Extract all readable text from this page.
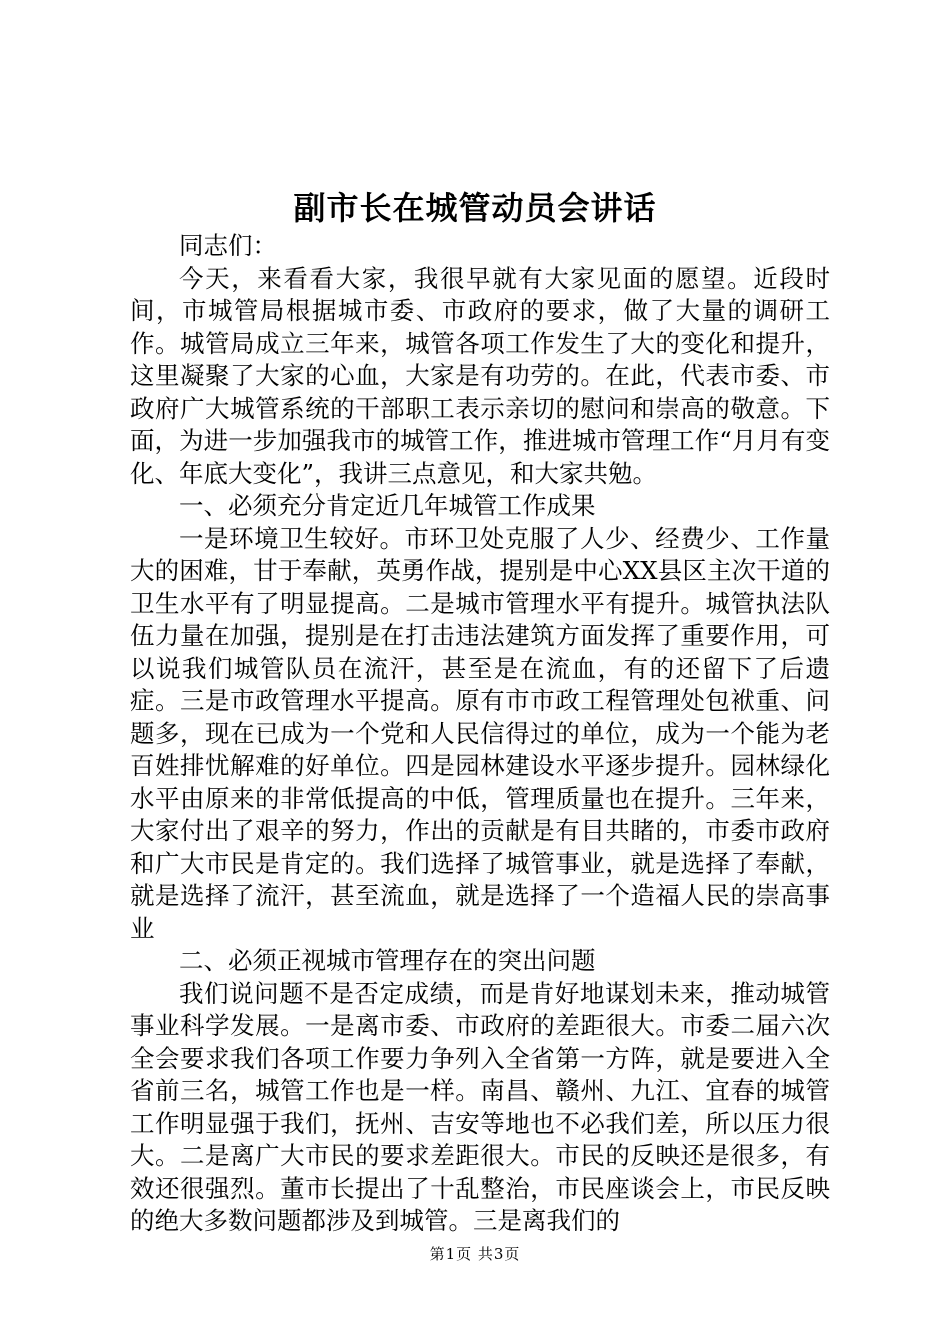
副市长在城管动员会讲话

同志们：

今天，来看看大家，我很早就有大家见面的愿望。近段时间，市城管局根据城市委、市政府的要求，做了大量的调研工作。城管局成立三年来，城管各项工作发生了大的变化和提升，这里凝聚了大家的心血，大家是有功劳的。在此，代表市委、市政府广大城管系统的干部职工表示亲切的慰问和崇高的敬意。下面，为进一步加强我市的城管工作，推进城市管理工作“月月有变化、年底大变化”，我讲三点意见，和大家共勉。

一、必须充分肯定近几年城管工作成果

一是环境卫生较好。市环卫处克服了人少、经费少、工作量大的困难，甘于奉献，英勇作战，提别是中心XX县区主次干道的卫生水平有了明显提高。二是城市管理水平有提升。城管执法队伍力量在加强，提别是在打击违法建筑方面发挥了重要作用，可以说我们城管队员在流汗，甚至是在流血，有的还留下了后遗症。三是市政管理水平提高。原有市市政工程管理处包袱重、问题多，现在已成为一个党和人民信得过的单位，成为一个能为老百姓排忧解难的好单位。四是园林建设水平逐步提升。园林绿化水平由原来的非常低提高的中低，管理质量也在提升。三年来，大家付出了艰辛的努力，作出的贡献是有目共睹的，市委市政府和广大市民是肯定的。我们选择了城管事业，就是选择了奉献，就是选择了流汗，甚至流血，就是选择了一个造福人民的崇高事业

二、必须正视城市管理存在的突出问题

我们说问题不是否定成绩，而是肯好地谋划未来，推动城管事业科学发展。一是离市委、市政府的差距很大。市委二届六次全会要求我们各项工作要力争列入全省第一方阵，就是要进入全省前三名，城管工作也是一样。南昌、赣州、九江、宜春的城管工作明显强于我们，抚州、吉安等地也不必我们差，所以压力很大。二是离广大市民的要求差距很大。市民的反映还是很多，有效还很强烈。董市长提出了十乱整治，市民座谈会上，市民反映的绝大多数问题都涉及到城管。三是离我们的

第1页 共3页
